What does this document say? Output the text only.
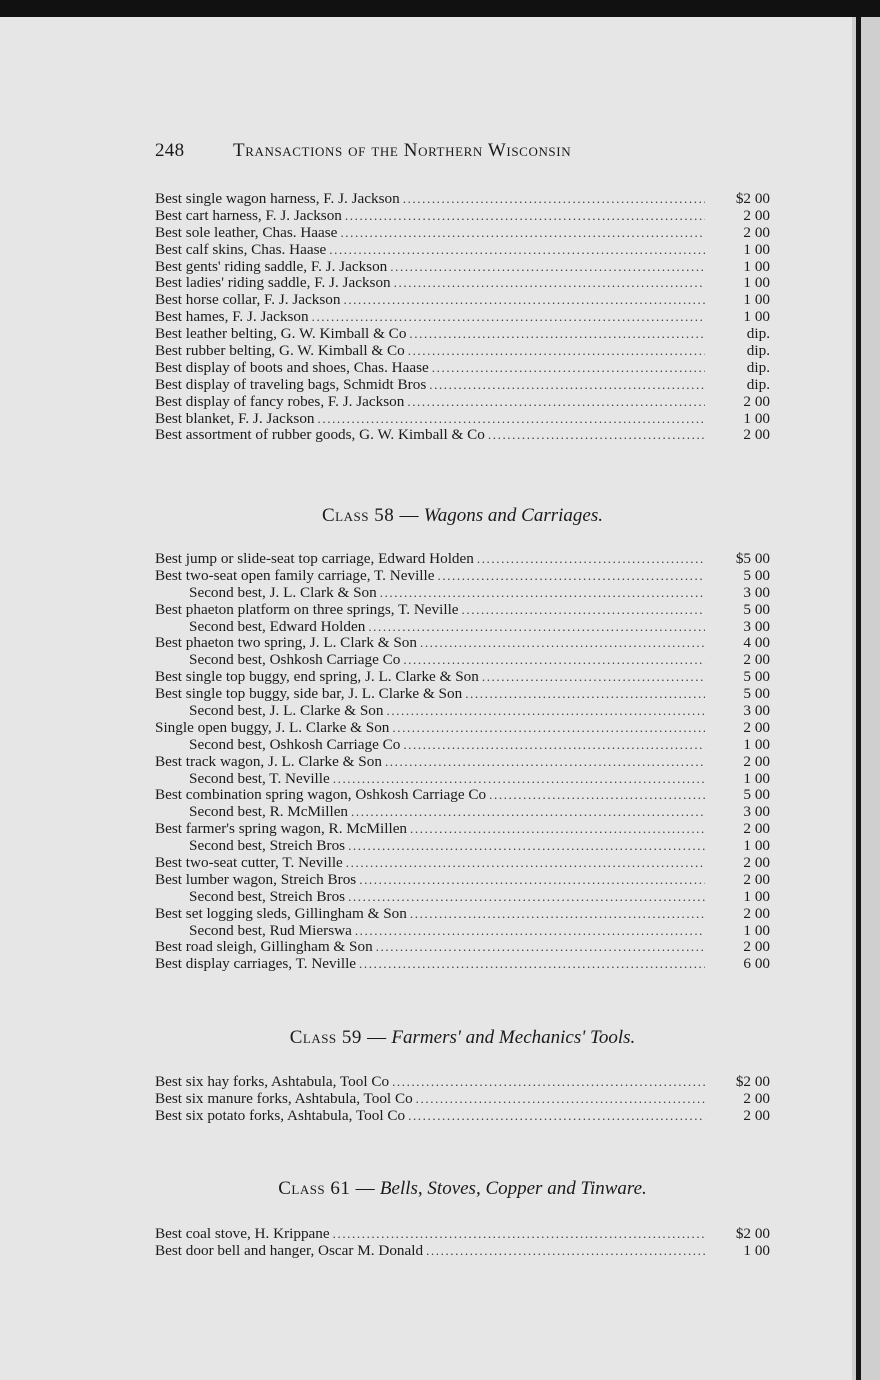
248	Transactions of the Northern Wisconsin
Best single wagon harness, F. J. Jackson .....	$2 00
Best cart harness, F. J. Jackson .....	2 00
Best sole leather, Chas. Haase .....	2 00
Best calf skins, Chas. Haase .....	1 00
Best gents' riding saddle, F. J. Jackson .....	1 00
Best ladies' riding saddle, F. J. Jackson .....	1 00
Best horse collar, F. J. Jackson .....	1 00
Best hames, F. J. Jackson .....	1 00
Best leather belting, G. W. Kimball & Co .....	dip.
Best rubber belting, G. W. Kimball & Co .....	dip.
Best display of boots and shoes, Chas. Haase .....	dip.
Best display of traveling bags, Schmidt Bros .....	dip.
Best display of fancy robes, F. J. Jackson .....	2 00
Best blanket, F. J. Jackson .....	1 00
Best assortment of rubber goods, G. W. Kimball & Co .....	2 00
Class 58 — Wagons and Carriages.
Best jump or slide-seat top carriage, Edward Holden .....	$5 00
Best two-seat open family carriage, T. Neville .....	5 00
Second best, J. L. Clark & Son .....	3 00
Best phaeton platform on three springs, T. Neville .....	5 00
Second best, Edward Holden .....	3 00
Best phaeton two spring, J. L. Clark & Son .....	4 00
Second best, Oshkosh Carriage Co .....	2 00
Best single top buggy, end spring, J. L. Clarke & Son .....	5 00
Best single top buggy, side bar, J. L. Clarke & Son .....	5 00
Second best, J. L. Clarke & Son .....	3 00
Single open buggy, J. L. Clarke & Son .....	2 00
Second best, Oshkosh Carriage Co .....	1 00
Best track wagon, J. L. Clarke & Son .....	2 00
Second best, T. Neville .....	1 00
Best combination spring wagon, Oshkosh Carriage Co .....	5 00
Second best, R. McMillen .....	3 00
Best farmer's spring wagon, R. McMillen .....	2 00
Second best, Streich Bros .....	1 00
Best two-seat cutter, T. Neville .....	2 00
Best lumber wagon, Streich Bros .....	2 00
Second best, Streich Bros .....	1 00
Best set logging sleds, Gillingham & Son .....	2 00
Second best, Rud Mierswa .....	1 00
Best road sleigh, Gillingham & Son .....	2 00
Best display carriages, T. Neville .....	6 00
Class 59 — Farmers' and Mechanics' Tools.
Best six hay forks, Ashtabula, Tool Co .....	$2 00
Best six manure forks, Ashtabula, Tool Co .....	2 00
Best six potato forks, Ashtabula, Tool Co .....	2 00
Class 61 — Bells, Stoves, Copper and Tinware.
Best coal stove, H. Krippane .....	$2 00
Best door bell and hanger, Oscar M. Donald .....	1 00
